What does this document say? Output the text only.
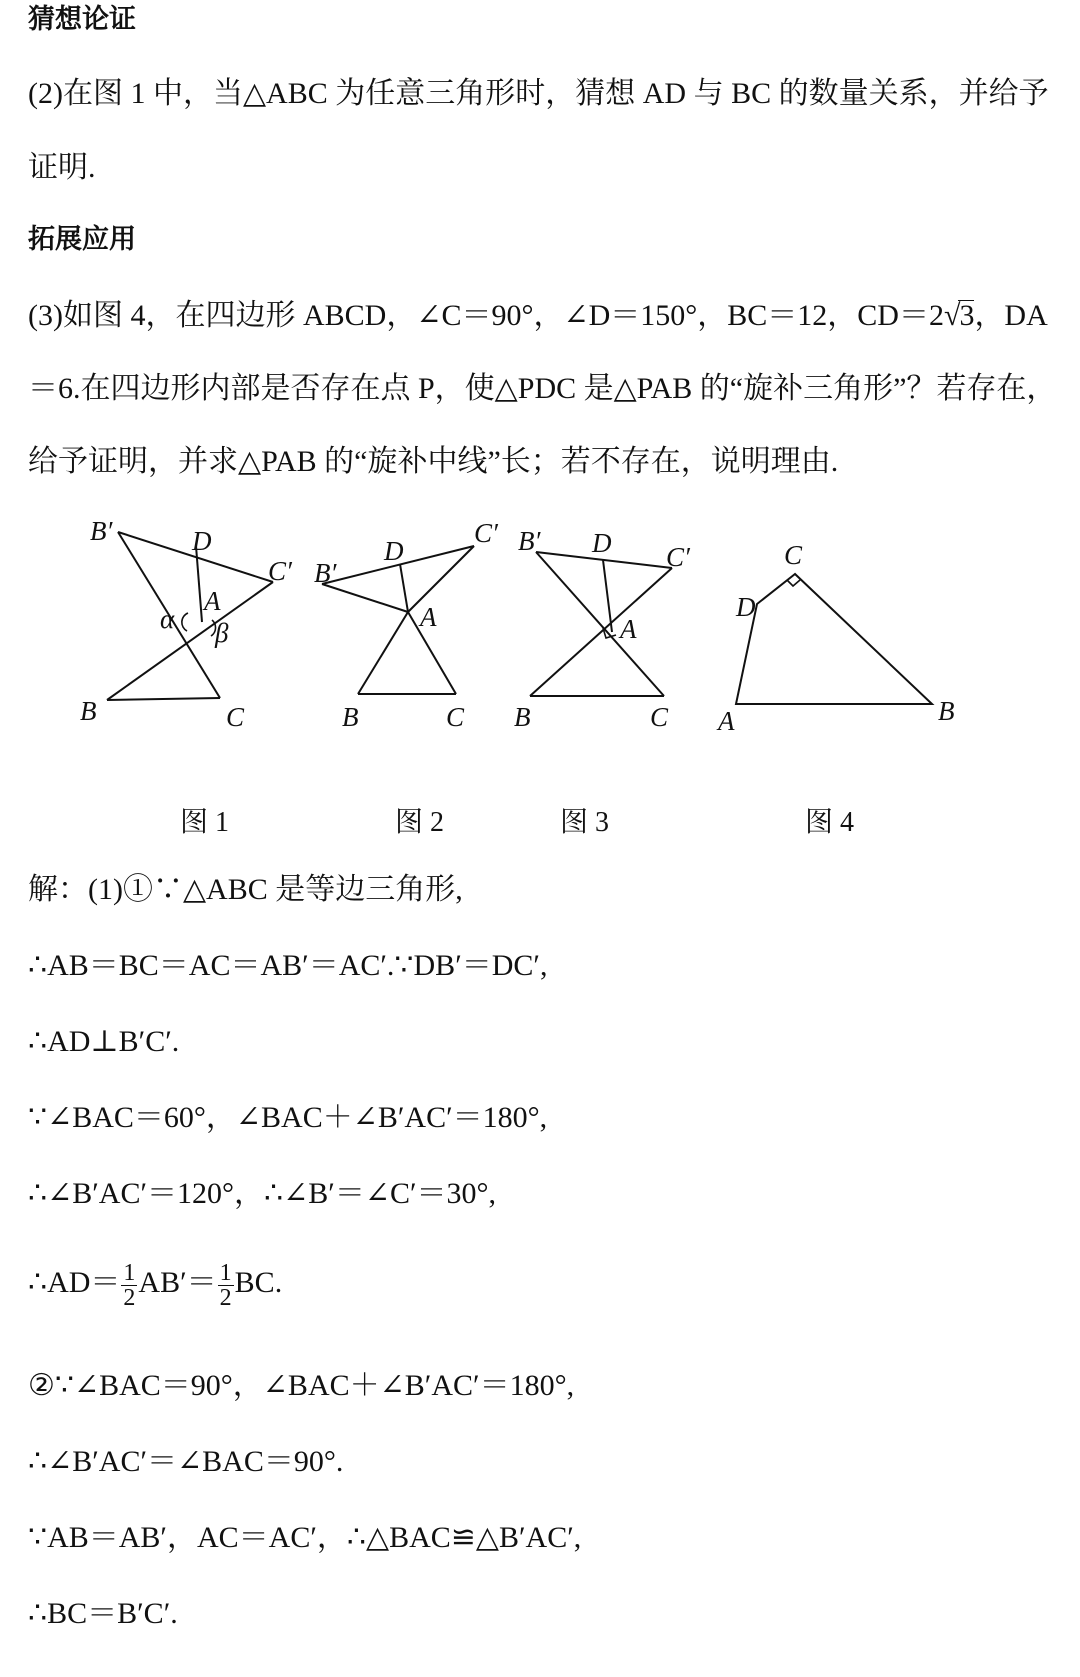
猜想论证
(2)在图 1 中，当△ABC 为任意三角形时，猜想 AD 与 BC 的数量关系，并给予
证明.
拓展应用
(3)如图 4，在四边形 ABCD，∠C＝90°，∠D＝150°，BC＝12，CD＝2√3，DA
＝6.在四边形内部是否存在点 P，使△PDC 是△PAB 的“旋补三角形”？若存在，
给予证明，并求△PAB 的“旋补中线”长；若不存在，说明理由.
B′	D
C′
A
α β
B	C
D
C′
B′
A
B	C
B′ D C′
A
B	C
C
D
A	B
图 1	图 2	图 3	图 4
解：(1)①∵△ABC 是等边三角形,
∴AB＝BC＝AC＝AB′＝AC′.∵DB′＝DC′,
∴AD⊥B′C′.
∵∠BAC＝60°，∠BAC＋∠B′AC′＝180°,
∴∠B′AC′＝120°，∴∠B′＝∠C′＝30°,
∴AD＝ $\frac{1}{2} AB'= \frac{1}{2}$ BC.
②∵∠BAC＝90°，∠BAC＋∠B′AC′＝180°,
∴∠B′AC′＝∠BAC＝90°.
∵AB＝AB′，AC＝AC′，∴△BAC≌△B′AC′,
∴BC＝B′C′.
